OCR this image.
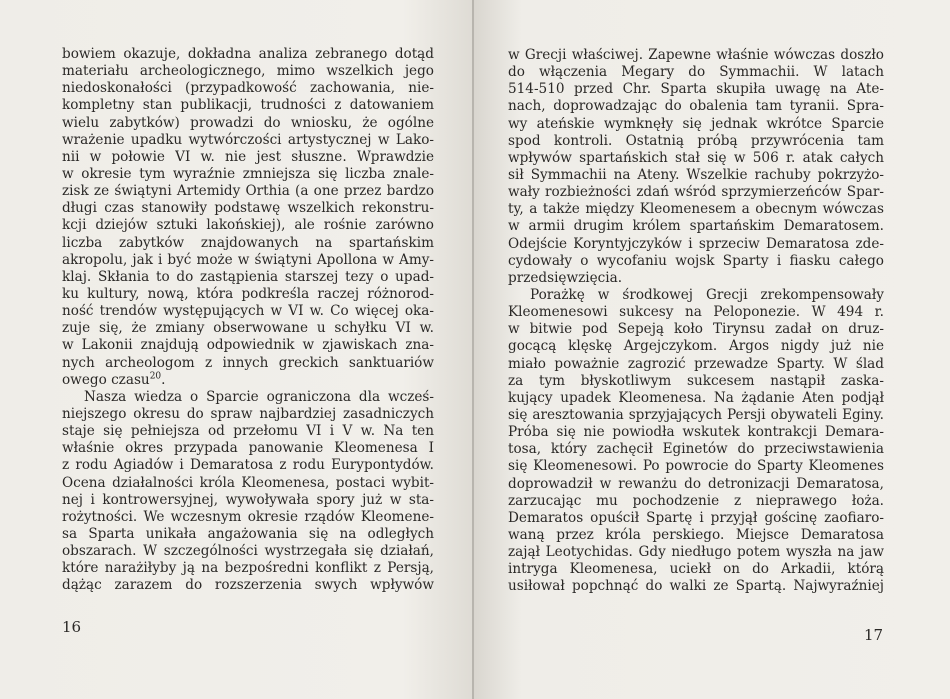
bowiem okazuje, dokładna analiza zebranego dotąd
materiału archeologicznego, mimo wszelkich jego
niedoskonałości (przypadkowość zachowania, nie-
kompletny stan publikacji, trudności z datowaniem
wielu zabytków) prowadzi do wniosku, że ogólne
wrażenie upadku wytwórczości artystycznej w Lako-
nii w połowie VI w. nie jest słuszne. Wprawdzie
w okresie tym wyraźnie zmniejsza się liczba znale-
zisk ze świątyni Artemidy Orthia (a one przez bardzo
długi czas stanowiły podstawę wszelkich rekonstru-
kcji dziejów sztuki lakońskiej), ale rośnie zarówno
liczba zabytków znajdowanych na spartańskim
akropolu, jak i być może w świątyni Apollona w Amy-
klaj. Skłania to do zastąpienia starszej tezy o upad-
ku kultury, nową, która podkreśla raczej różnorod-
ność trendów występujących w VI w. Co więcej oka-
zuje się, że zmiany obserwowane u schyłku VI w.
w Lakonii znajdują odpowiednik w zjawiskach zna-
nych archeologom z innych greckich sanktuariów
owego czasu$^{20}$.
Nasza wiedza o Sparcie ograniczona dla wcześ-
niejszego okresu do spraw najbardziej zasadniczych
staje się pełniejsza od przełomu VI i V w. Na ten
właśnie okres przypada panowanie Kleomenesa I
z rodu Agiadów i Demaratosa z rodu Eurypontydów.
Ocena działalności króla Kleomenesa, postaci wybit-
nej i kontrowersyjnej, wywoływała spory już w sta-
rożytności. We wczesnym okresie rządów Kleomene-
sa Sparta unikała angażowania się na odległych
obszarach. W szczególności wystrzegała się działań,
które narażiłyby ją na bezpośredni konflikt z Persją,
dążąc zarazem do rozszerzenia swych wpływów
16
w Grecji właściwej. Zapewne właśnie wówczas doszło
do włączenia Megary do Symmachii. W latach
514-510 przed Chr. Sparta skupiła uwagę na Ate-
nach, doprowadzając do obalenia tam tyranii. Spra-
wy ateńskie wymknęły się jednak wkrótce Sparcie
spod kontroli. Ostatnią próbą przywrócenia tam
wpływów spartańskich stał się w 506 r. atak całych
sił Symmachii na Ateny. Wszelkie rachuby pokrzyżo-
wały rozbieżności zdań wśród sprzymierzeńców Spar-
ty, a także między Kleomenesem a obecnym wówczas
w armii drugim królem spartańskim Demaratosem.
Odejście Koryntyjczyków i sprzeciw Demaratosa zde-
cydowały o wycofaniu wojsk Sparty i fiasku całego
przedsięwzięcia.
Porażkę w środkowej Grecji zrekompensowały
Kleomenesowi sukcesy na Peloponezie. W 494 r.
w bitwie pod Sepeją koło Tirynsu zadał on druz-
gocącą klęskę Argejczykom. Argos nigdy już nie
miało poważnie zagrozić przewadze Sparty. W ślad
za tym błyskotliwym sukcesem nastąpił zaska-
kujący upadek Kleomenesa. Na żądanie Aten podjął
się aresztowania sprzyjających Persji obywateli Eginy.
Próba się nie powiodła wskutek kontrakcji Demara-
tosa, który zachęcił Eginetów do przeciwstawienia
się Kleomenesowi. Po powrocie do Sparty Kleomenes
doprowadził w rewanżu do detronizacji Demaratosa,
zarzucając mu pochodzenie z nieprawego łoża.
Demaratos opuścił Spartę i przyjął gościnę zaofiaro-
waną przez króla perskiego. Miejsce Demaratosa
zajął Leotychidas. Gdy niedługo potem wyszła na jaw
intryga Kleomenesa, uciekł on do Arkadii, którą
usiłował popchnąć do walki ze Spartą. Najwyraźniej
17
